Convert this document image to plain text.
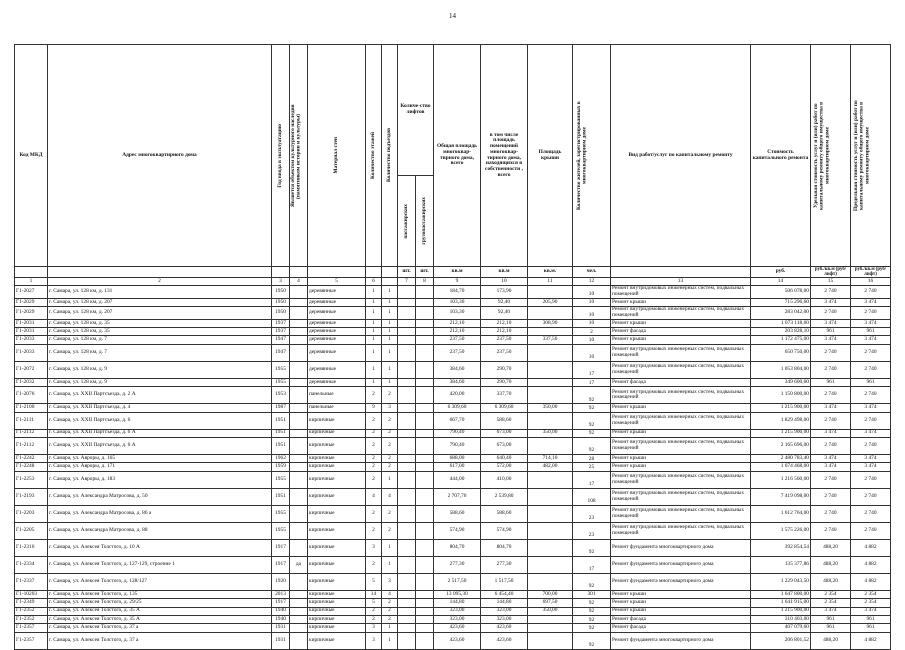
14
Код МКД	Адрес многоквартирного дома	Год ввода в эксплуатацию	Является объектом культурного наследия (памятником истории и культуры)	Материал стен	Количество этажей	Количество подъездов	Количе-ство лифтов		Общая площадь многоквар-тирного дома, всего	в том числе площадь помещений многоквар-тирного дома, находящихся в собственности , всего	Площадь крыши	Количество жителей, зарегистрированных в многоквартирном доме	Вид работ/услуг по капитальному ремонту	Стоимость капитального ремонта	Удельная стоимость услуг и (или) работ по капитальному ремонту общего имущества в многоквартирном доме	Предельная стоимость услуг и (или) работ по капитальному ремонту общего имущества в многоквартирном доме

							пассажирских	грузопассажирских								

							шт.	шт.	кв.м	кв.м	кв.м.	чел.		руб.	руб./кв.м (руб/лифт)	руб./кв.м (руб/лифт)
1	2	3	4	5	6		7	8	9	10	11	12	13	14	15	16
Г1-2027	г. Самара, ул. 128 км, д. 131	1950		деревянные	1	1			184,70	173,90		10	Ремонт внутридомовых инженерных систем, подвальных помещений	506 078,00	2 740	2 740
Г1-2029	г. Самара, ул. 128 км, д. 207	1950		деревянные	1	1			103,30	92,40	205,90	10	Ремонт крыши	715 296,60	3 474	3 474
Г1-2029	г. Самара, ул. 128 км, д. 207	1950		деревянные	1	1			103,30	92,40		10	Ремонт внутридомовых инженерных систем, подвальных помещений	283 042,00	2 740	2 740
Г1-2031	г. Самара, ул. 128 км, д. 35	1937		деревянные	1	1			212,10	212,10	308,90	10	Ремонт крыши	1 073 118,60	3 474	3 474
Г1-2031	г. Самара, ул. 128 км, д. 35	1937		деревянные	1	1			212,10	212,10		2	Ремонт фасада	203 828,10	961	961
Г1-2033	г. Самара, ул. 128 км, д. 7	1947		деревянные	1	1			237,50	237,50	337,50	10	Ремонт крыши	1 172 475,00	3 474	3 474
Г1-2033	г. Самара, ул. 128 км, д. 7	1947		деревянные	1	1			237,50	237,50		10	Ремонт внутридомовых инженерных систем, подвальных помещений	650 750,00	2 740	2 740
Г1-2072	г. Самара, ул. 128 км, д. 9	1955		деревянные	1	1			384,60	290,70		17	Ремонт внутридомовых инженерных систем, подвальных помещений	1 053 804,00	2 740	2 740
Г1-2032	г. Самара, ул. 128 км, д. 9	1955		деревянные	1	1			384,60	290,70		17	Ремонт фасада	349 600,60	961	961
Г1-2076	г. Самара, ул. XXII Партсъезда, д. 2 А	1953		панельные	2	2			420,00	337,70		92	Ремонт внутридомовых инженерных систем, подвальных помещений	1 150 800,00	2 740	2 740
Г1-2100	г. Самара, ул. XXII Партсъезда, д. 4	1987		панельные	9	3			6 309,60	6 309,60	350,00	92	Ремонт крыши	1 215 900,00	3 474	3 474
Г1-2111	г. Самара, ул. XXII Партсъезда, д. 6	1951		кирпичные	2	2			667,70	588,60		92	Ремонт внутридомовых инженерных систем, подвальных помещений	1 829 498,00	2 740	2 740
Г1-2112	г. Самара, ул. XXII Партсъезда, д. 6 А	1951		кирпичные	2	2			790,40	673,00	350,00	92	Ремонт крыши	1 215 900,00	3 474	3 474
Г1-2112	г. Самара, ул. XXII Партсъезда, д. 6 А	1951		кирпичные	2	2			790,40	673,00		92	Ремонт внутридомовых инженерных систем, подвальных помещений	2 165 696,00	2 740	2 740
Г1-2242	г. Самара, ул. Авроры, д. 165	1962		кирпичные	2	2			688,00	640,40	714,10	28	Ремонт крыши	2 480 783,40	3 474	3 474
Г1-2248	г. Самара, ул. Авроры, д. 171	1959		кирпичные	2	2			617,00	572,00	482,00	25	Ремонт крыши	1 674 468,00	3 474	3 474
Г1-2253	г. Самара, ул. Авроры, д. 183	1955		кирпичные	2	1			444,00	410,00		17	Ремонт внутридомовых инженерных систем, подвальных помещений	1 216 560,00	2 740	2 740
Г1-2193	г. Самара, ул. Александра Матросова, д. 50	1951		кирпичные	4	4			2 707,70	2 539,80		108	Ремонт внутридомовых инженерных систем, подвальных помещений	7 419 098,00	2 740	2 740
Г1-2203	г. Самара, ул. Александра Матросова, д. 86 а	1955		кирпичные	2	2			588,60	588,60		23	Ремонт внутридомовых инженерных систем, подвальных помещений	1 612 764,00	2 740	2 740
Г1-2205	г. Самара, ул. Александра Матросова, д. 88	1955		кирпичные	2	2			574,90	574,90		23	Ремонт внутридомовых инженерных систем, подвальных помещений	1 575 226,00	2 740	2 740
Г1-2316	г. Самара, ул. Алексея Толстого, д. 10 А	1917		кирпичные	3	1			804,70	804,70		92	Ремонт фундамента многоквартирного дома	392 854,54	488,20	4 882
Г1-2334	г. Самара, ул. Алексея Толстого, д. 127-129, строение 1	1917	да	кирпичные	2	1			277,30	277,30		17	Ремонт фундамента многоквартирного дома	135 377,86	488,20	4 882
Г1-2337	г. Самара, ул. Алексея Толстого, д. 128/127	1920		кирпичные	5	3			2 517,50	1 517,50		92	Ремонт фундамента многоквартирного дома	1 229 043,50	488,20	4 882
Г1-10203	г. Самара, ул. Алексея Толстого, д. 135	2013		кирпичные	14	4			13 095,30	6 454,40	700,00	301	Ремонт крыши	1 647 800,00	2 354	2 354
Г1-2349	г. Самара, ул. Алексея Толстого, д. 29/25	1917		кирпичные	5	2			144,80	144,80	697,50	92	Ремонт крыши	1 641 915,00	2 354	2 354
Г1-2352	г. Самара, ул. Алексея Толстого, д. 35 А	1940		кирпичные	2	2			323,00	323,00	350,00	92	Ремонт крыши	1 215 900,00	3 474	3 474
Г1-2352	г. Самара, ул. Алексея Толстого, д. 35 А	1940		кирпичные	2	2			323,00	323,00		92	Ремонт фасада	310 403,00	961	961
Г1-2357	г. Самара, ул. Алексея Толстого, д. 37 а	1931		кирпичные	3	1			423,60	423,60		92	Ремонт фасада	407 079,60	961	961
Г1-2357	г. Самара, ул. Алексея Толстого, д. 37 а	1931		кирпичные	3	1			423,60	423,60		92	Ремонт фундамента многоквартирного дома	206 801,52	488,20	4 882
